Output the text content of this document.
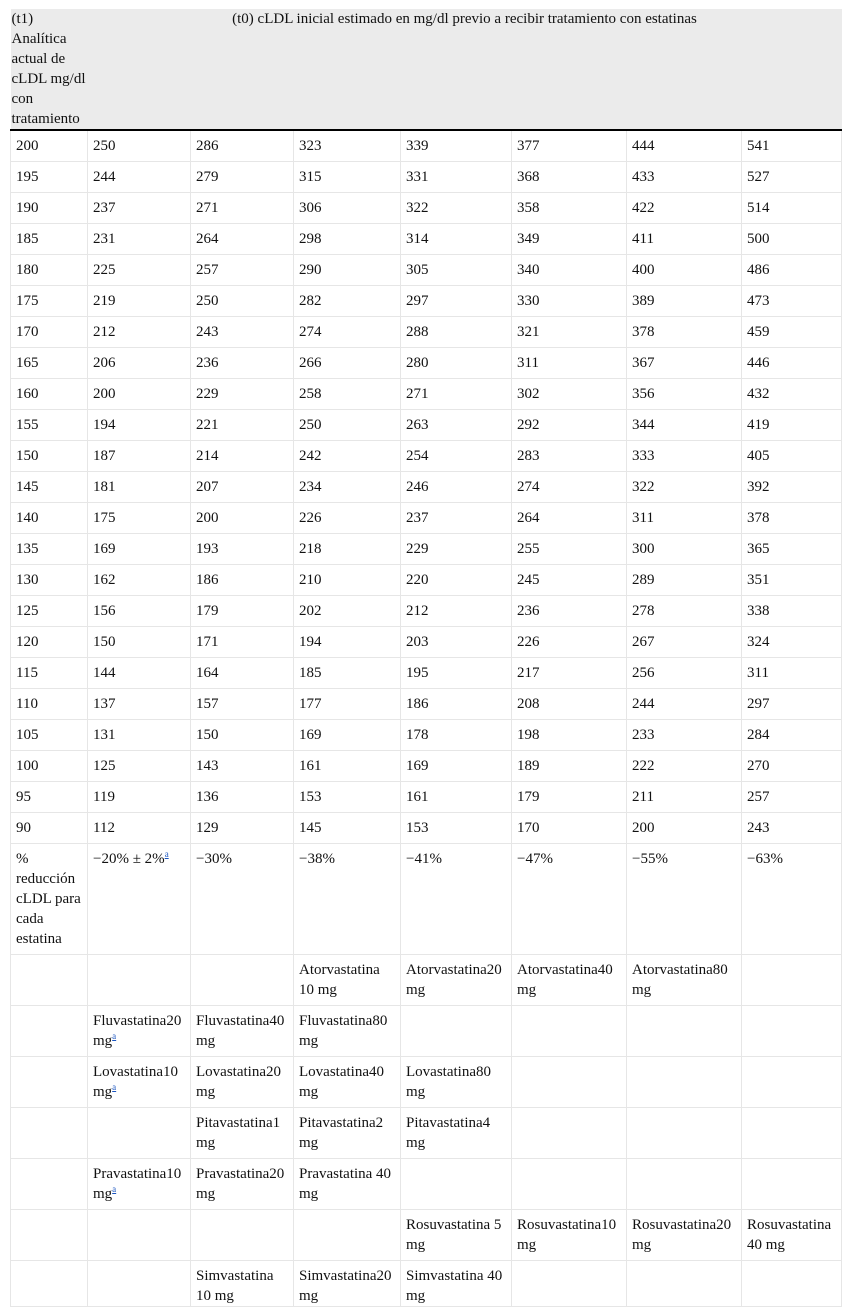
(t1) Analítica actual de cLDL mg/dl con tratamiento	(t0) cLDL inicial estimado en mg/dl previo a recibir tratamiento con estatinas						
200	250	286	323	339	377	444	541
195	244	279	315	331	368	433	527
190	237	271	306	322	358	422	514
185	231	264	298	314	349	411	500
180	225	257	290	305	340	400	486
175	219	250	282	297	330	389	473
170	212	243	274	288	321	378	459
165	206	236	266	280	311	367	446
160	200	229	258	271	302	356	432
155	194	221	250	263	292	344	419
150	187	214	242	254	283	333	405
145	181	207	234	246	274	322	392
140	175	200	226	237	264	311	378
135	169	193	218	229	255	300	365
130	162	186	210	220	245	289	351
125	156	179	202	212	236	278	338
120	150	171	194	203	226	267	324
115	144	164	185	195	217	256	311
110	137	157	177	186	208	244	297
105	131	150	169	178	198	233	284
100	125	143	161	169	189	222	270
95	119	136	153	161	179	211	257
90	112	129	145	153	170	200	243
% reducción cLDL para cada estatina	−20% ± 2%$^a$	−30%	−38%	−41%	−47%	−55%	−63%
			Atorvastatina 10 mg	Atorvastatina20 mg	Atorvastatina40 mg	Atorvastatina80 mg	
	Fluvastatina20 $mg^a$	Fluvastatina40 mg	Fluvastatina80 mg				
	Lovastatina10 $mg^a$	Lovastatina20 mg	Lovastatina40 mg	Lovastatina80 mg			
		Pitavastatina1 mg	Pitavastatina2 mg	Pitavastatina4 mg			
	Pravastatina10 $mg^a$	Pravastatina20 mg	Pravastatina 40 mg				
				Rosuvastatina 5 mg	Rosuvastatina10 mg	Rosuvastatina20 mg	Rosuvastatina 40 mg
		Simvastatina 10 mg	Simvastatina20 mg	Simvastatina 40 mg			
